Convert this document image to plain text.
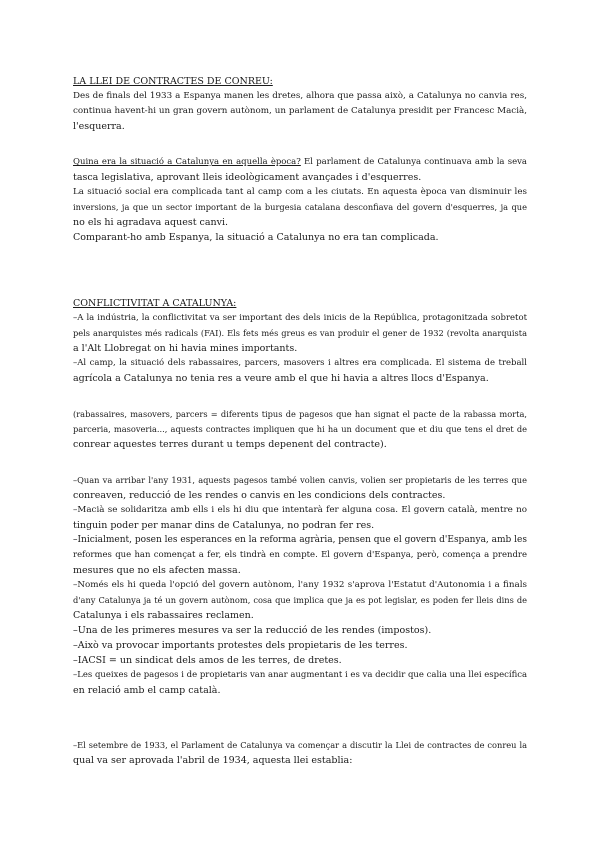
LA LLEI DE CONTRACTES DE CONREU:
Des de finals del 1933 a Espanya manen les dretes, alhora que passa això, a Catalunya no canvia res,
continua havent-hi un gran govern autònom, un parlament de Catalunya presidit per Francesc Macià,
l'esquerra.
Quina era la situació a Catalunya en aquella època? El parlament de Catalunya continuava amb la seva
tasca legislativa, aprovant lleis ideològicament avançades i d'esquerres.
La situació social era complicada tant al camp com a les ciutats. En aquesta època van disminuir les
inversions, ja que un sector important de la burgesia catalana desconfiava del govern d'esquerres, ja que
no els hi agradava aquest canvi.
Comparant-ho amb Espanya, la situació a Catalunya no era tan complicada.
CONFLICTIVITAT A CATALUNYA:
–A la indústria, la conflictivitat va ser important des dels inicis de la República, protagonitzada sobretot
pels anarquistes més radicals (FAI). Els fets més greus es van produir el gener de 1932 (revolta anarquista
a l'Alt Llobregat on hi havia mines importants.
–Al camp, la situació dels rabassaires, parcers, masovers i altres era complicada. El sistema de treball
agrícola a Catalunya no tenia res a veure amb el que hi havia a altres llocs d'Espanya.
(rabassaires, masovers, parcers = diferents tipus de pagesos que han signat el pacte de la rabassa morta,
parceria, masoveria..., aquests contractes impliquen que hi ha un document que et diu que tens el dret de
conrear aquestes terres durant u temps depenent del contracte).
–Quan va arribar l'any 1931, aquests pagesos també volien canvis, volien ser propietaris de les terres que
conreaven, reducció de les rendes o canvis en les condicions dels contractes.
–Macià se solidaritza amb ells i els hi diu que intentarà fer alguna cosa. El govern català, mentre no
tinguin poder per manar dins de Catalunya, no podran fer res.
–Inicialment, posen les esperances en la reforma agrària, pensen que el govern d'Espanya, amb les
reformes que han començat a fer, els tindrà en compte. El govern d'Espanya, però, comença a prendre
mesures que no els afecten massa.
–Només els hi queda l'opció del govern autònom, l'any 1932 s'aprova l'Estatut d'Autonomia i a finals
d'any Catalunya ja té un govern autònom, cosa que implica que ja es pot legislar, es poden fer lleis dins de
Catalunya i els rabassaires reclamen.
–Una de les primeres mesures va ser la reducció de les rendes (impostos).
–Això va provocar importants protestes dels propietaris de les terres.
–IACSI = un sindicat dels amos de les terres, de dretes.
–Les queixes de pagesos i de propietaris van anar augmentant i es va decidir que calia una llei específica
en relació amb el camp català.
–El setembre de 1933, el Parlament de Catalunya va començar a discutir la Llei de contractes de conreu la
qual va ser aprovada l'abril de 1934, aquesta llei establia:
